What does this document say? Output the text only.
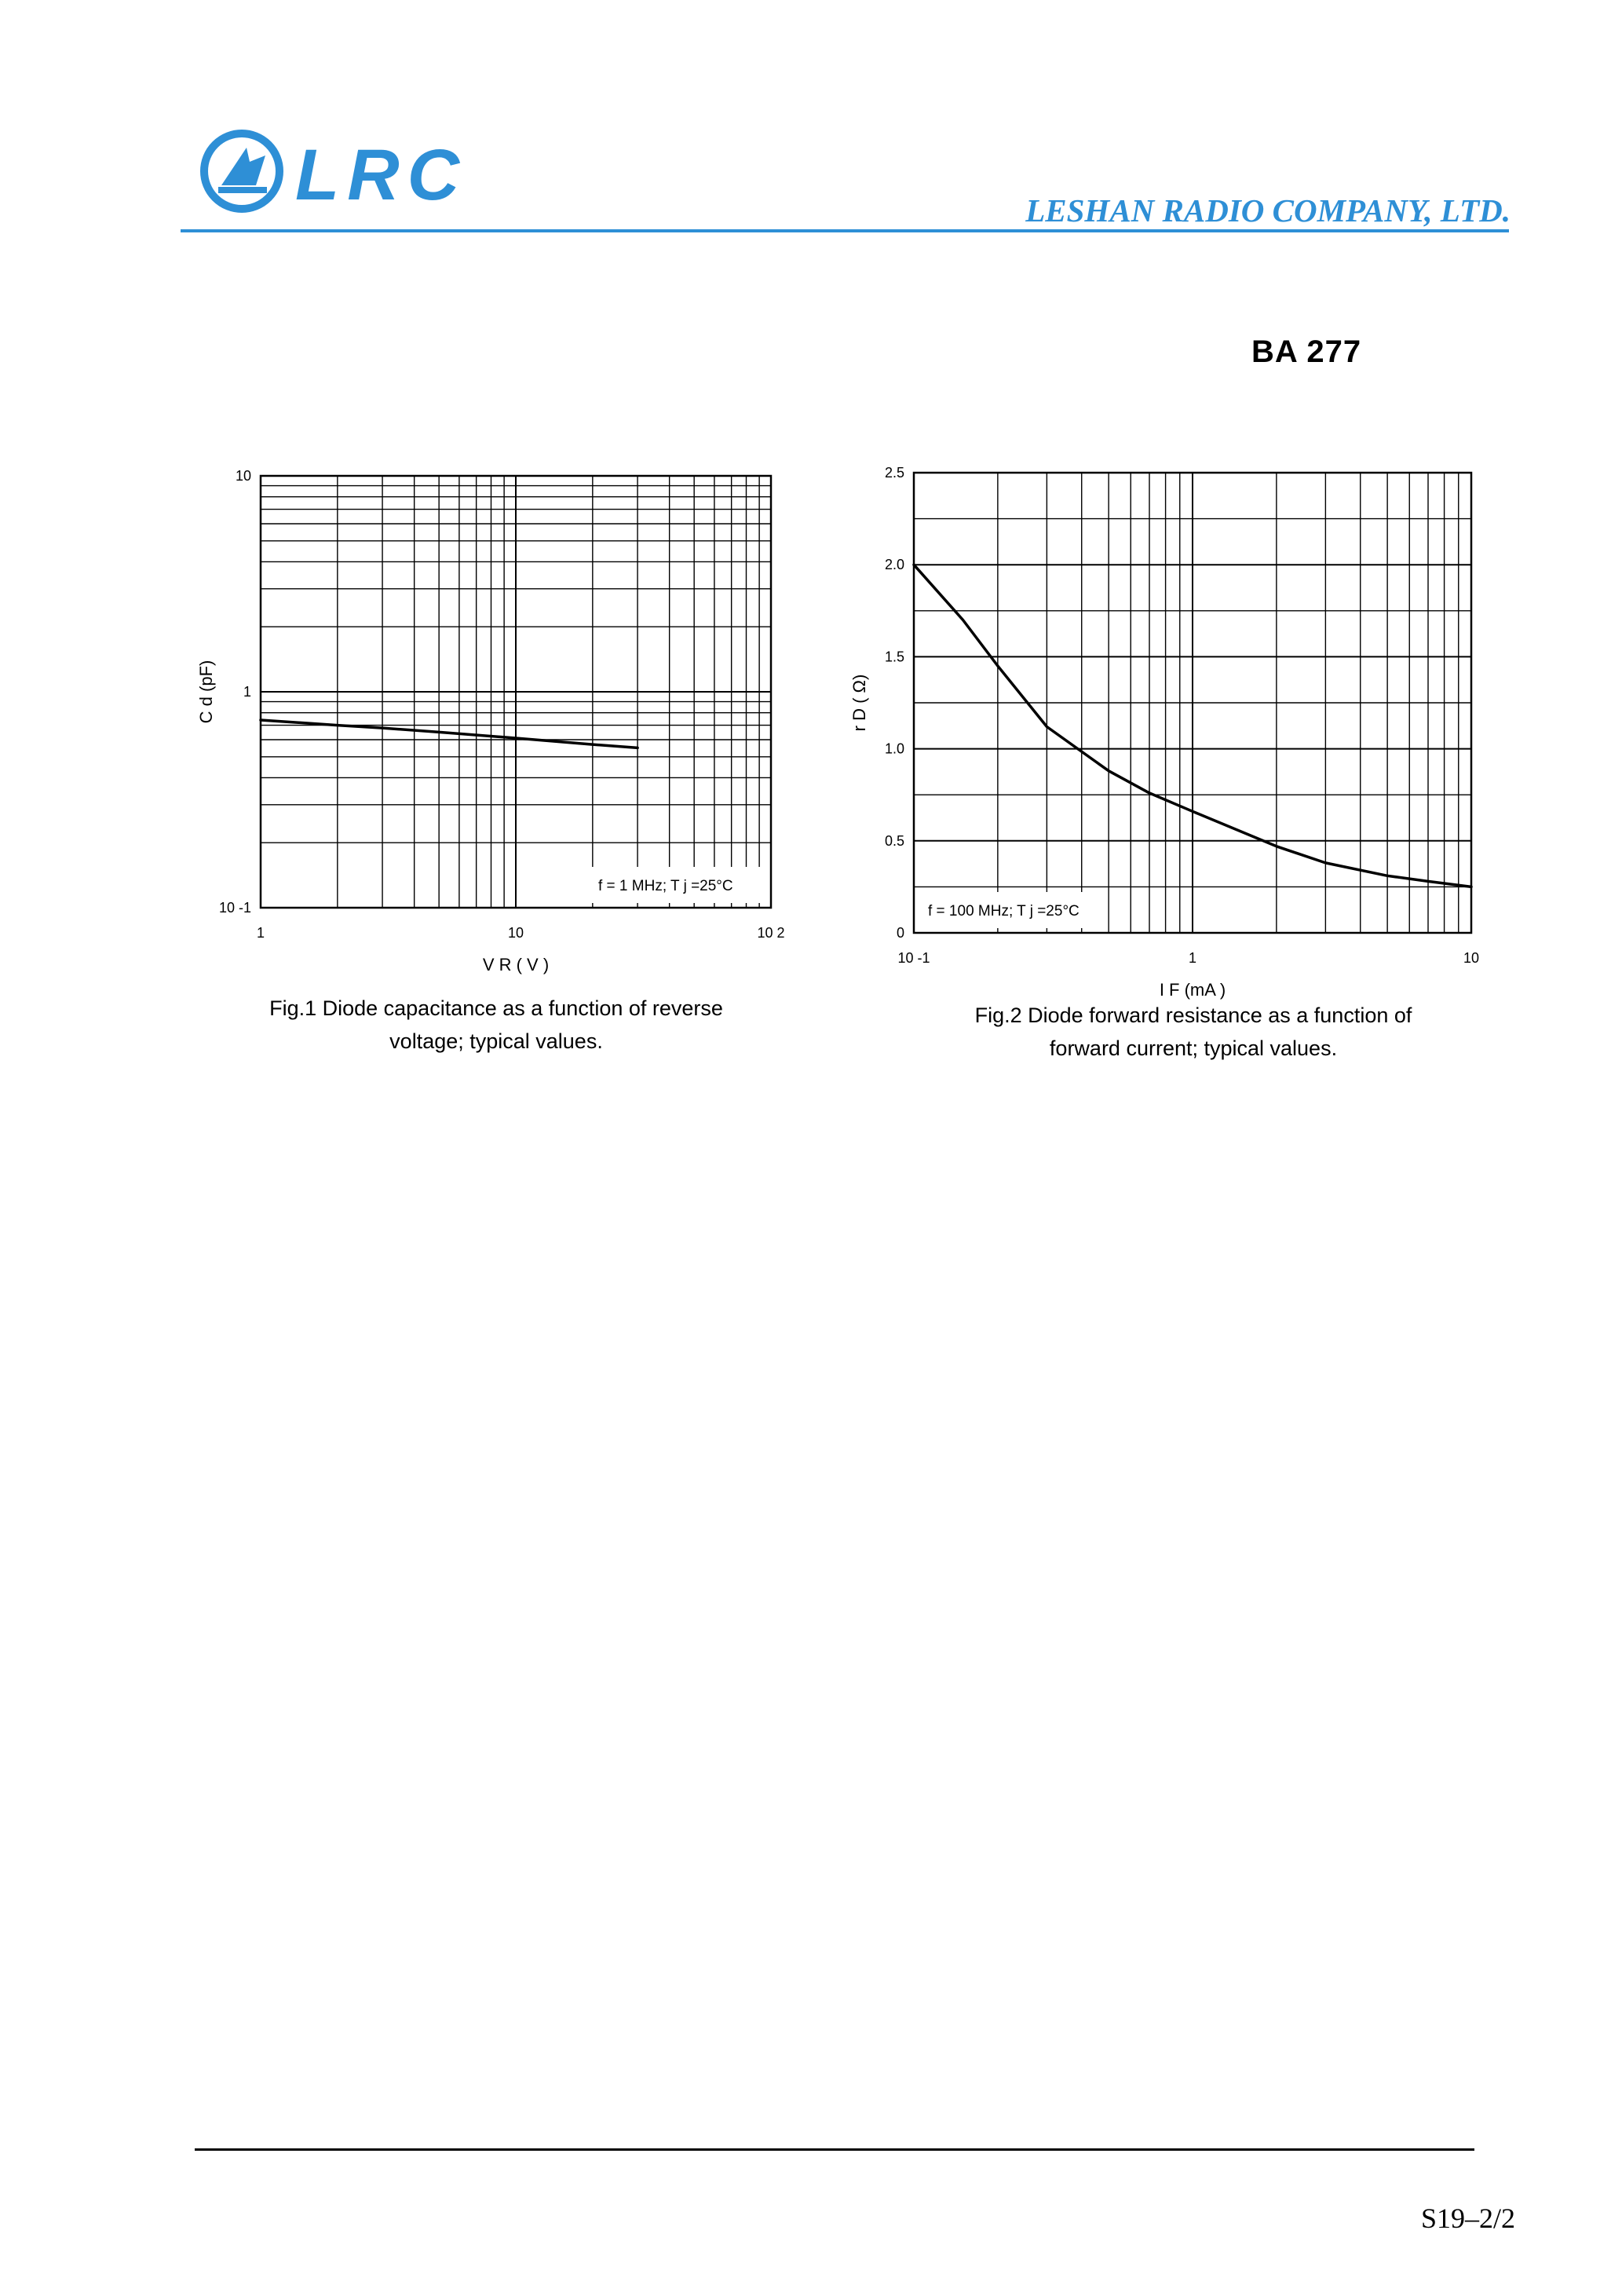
LRC	LESHAN RADIO COMPANY, LTD.
BA 277
1	10	10 2
10
1
10 -1
V R ( V )
C d (pF)
f = 1 MHz; T j =25°C
10 -1	1	10
2.5
2.0
1.5
1.0
0.5
0
I F (mA )
r D ( Ω)
f = 100 MHz; T j =25°C
Fig.1 Diode capacitance as a function of reverse
voltage; typical values.
Fig.2 Diode forward resistance as a function of
forward current; typical values.
S19–2/2
